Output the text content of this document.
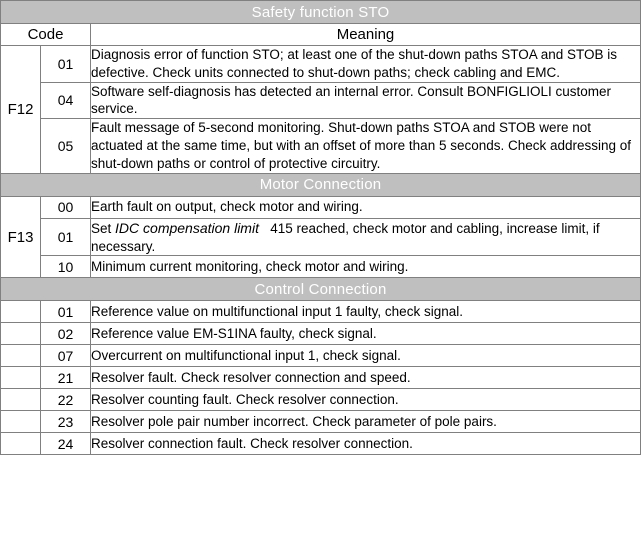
Safety function STO		
Code		Meaning
F12	01	Diagnosis error of function STO; at least one of the shut-down paths STOA and STOB is defective. Check units connected to shut-down paths; check cabling and EMC.
	04	Software self-diagnosis has detected an internal error. Consult BONFIGLIOLI customer service.
	05	Fault message of 5-second monitoring. Shut-down paths STOA and STOB were not actuated at the same time, but with an offset of more than 5 seconds. Check addressing of shut-down paths or control of protective circuitry.
Motor Connection		
F13	00	Earth fault on output, check motor and wiring.
	01	Set IDC compensation limit 415 reached, check motor and cabling, increase limit, if necessary.
	10	Minimum current monitoring, check motor and wiring.
Control Connection		
	01	Reference value on multifunctional input 1 faulty, check signal.
	02	Reference value EM-S1INA faulty, check signal.
	07	Overcurrent on multifunctional input 1, check signal.
	21	Resolver fault. Check resolver connection and speed.
	22	Resolver counting fault. Check resolver connection.
	23	Resolver pole pair number incorrect. Check parameter of pole pairs.
	24	Resolver connection fault. Check resolver connection.
